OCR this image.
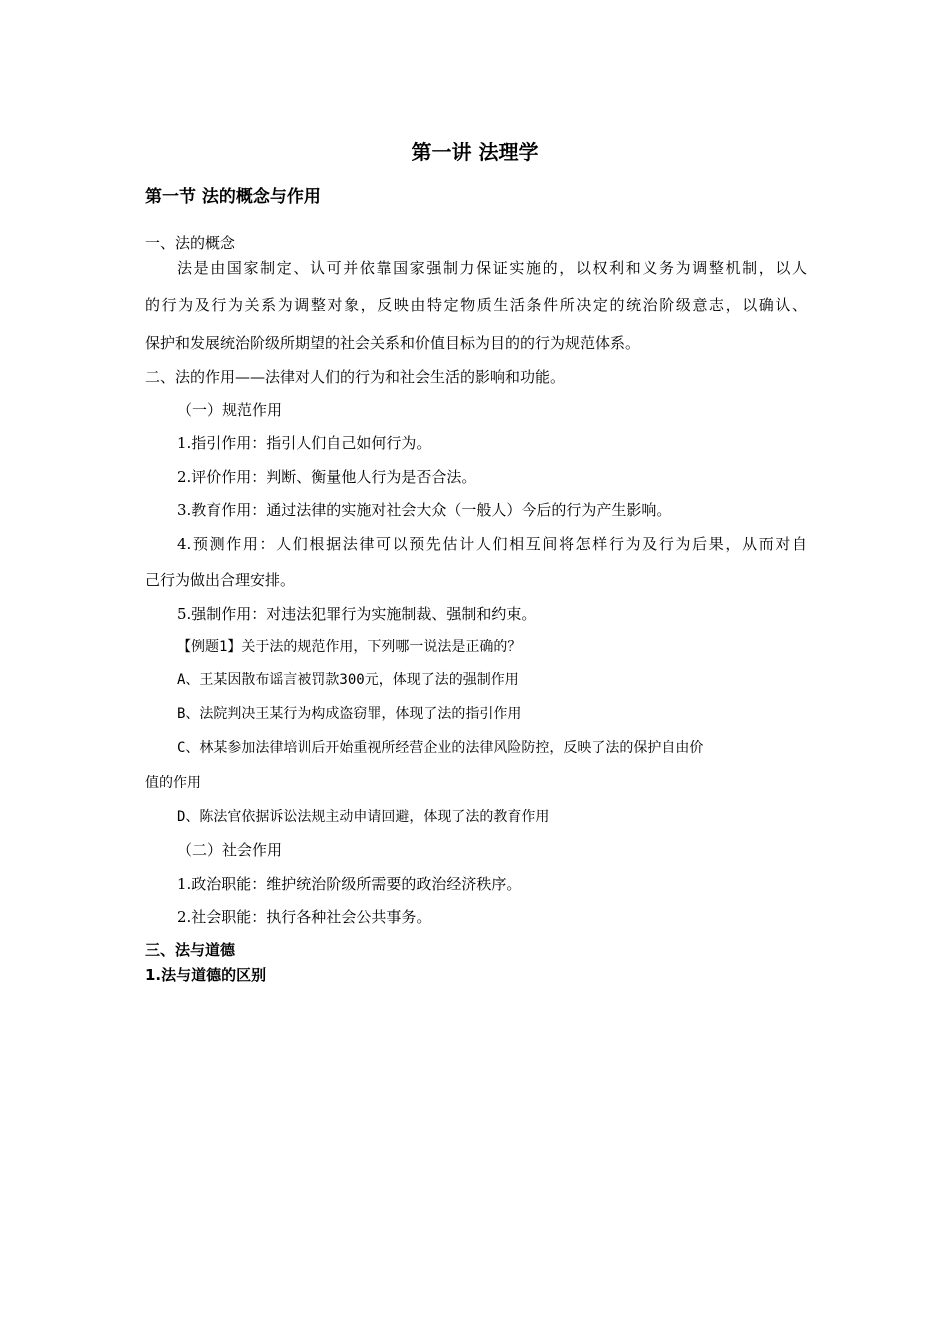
第一讲 法理学
第一节 法的概念与作用
一、法的概念
法是由国家制定、认可并依靠国家强制力保证实施的，以权利和义务为调整机制，以人
的行为及行为关系为调整对象，反映由特定物质生活条件所决定的统治阶级意志，以确认、
保护和发展统治阶级所期望的社会关系和价值目标为目的的行为规范体系。
二、法的作用——法律对人们的行为和社会生活的影响和功能。
（一）规范作用
1.指引作用：指引人们自己如何行为。
2.评价作用：判断、衡量他人行为是否合法。
3.教育作用：通过法律的实施对社会大众（一般人）今后的行为产生影响。
4.预测作用：人们根据法律可以预先估计人们相互间将怎样行为及行为后果，从而对自
己行为做出合理安排。
5.强制作用：对违法犯罪行为实施制裁、强制和约束。
【例题1】关于法的规范作用，下列哪一说法是正确的？
A、王某因散布谣言被罚款300元，体现了法的强制作用
B、法院判决王某行为构成盗窃罪，体现了法的指引作用
C、林某参加法律培训后开始重视所经营企业的法律风险防控，反映了法的保护自由价
值的作用
D、陈法官依据诉讼法规主动申请回避，体现了法的教育作用
（二）社会作用
1.政治职能：维护统治阶级所需要的政治经济秩序。
2.社会职能：执行各种社会公共事务。
三、法与道德
1.法与道德的区别
